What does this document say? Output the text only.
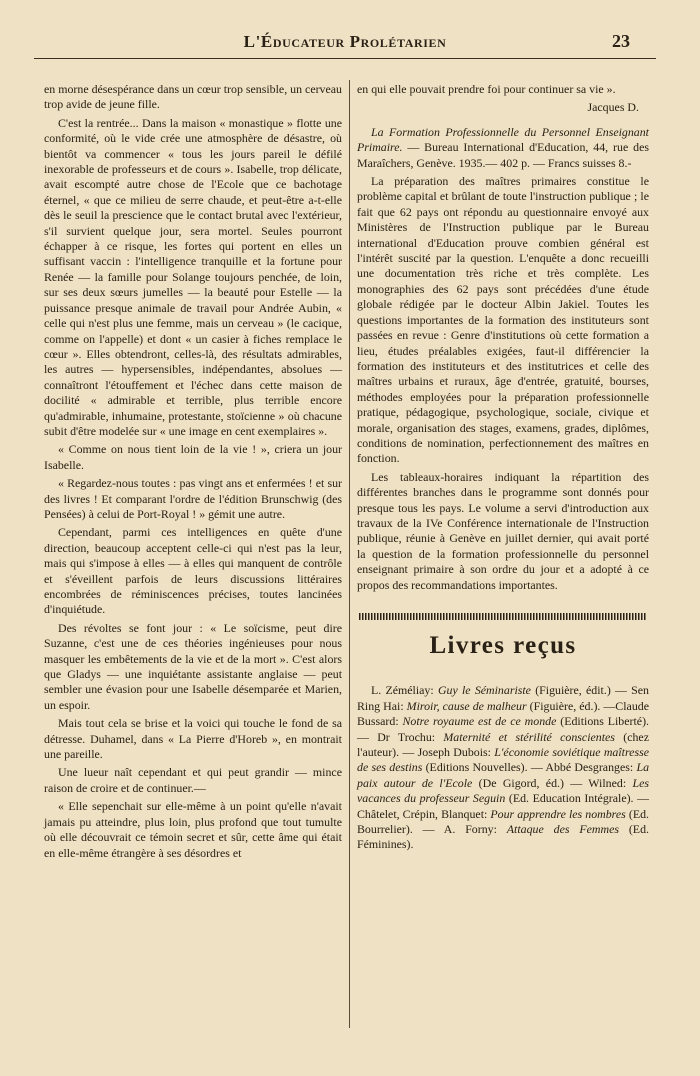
L'Éducateur Prolétarien	23

en morne désespérance dans un cœur trop sensible, un cerveau trop avide de jeune fille.

C'est la rentrée... Dans la maison « monastique » flotte une conformité, où le vide crée une atmosphère de désastre, où bientôt va commencer « tous les jours pareil le défilé inexorable de professeurs et de cours ». Isabelle, trop délicate, avait escompté autre chose de l'Ecole que ce bachotage éternel, « que ce milieu de serre chaude, et peut-être a-t-elle dès le seuil la prescience que le contact brutal avec l'extérieur, s'il survient quelque jour, sera mortel. Seules pourront échapper à ce risque, les fortes qui portent en elles un suffisant vaccin : l'intelligence tranquille et la fortune pour Renée — la famille pour Solange toujours penchée, de loin, sur ses deux sœurs jumelles — la beauté pour Estelle — la puissance presque animale de travail pour Andrée Aubin, « celle qui n'est plus une femme, mais un cerveau » (le cacique, comme on l'appelle) et dont « un casier à fiches remplace le cœur ». Elles obtendront, celles-là, des résultats admirables, les autres — hypersensibles, indépendantes, absolues — connaîtront l'étouffement et l'échec dans cette maison de docilité « admirable et terrible, plus terrible encore qu'admirable, inhumaine, protestante, stoïcienne » où chacune subit d'être modelée sur « une image en cent exemplaires ».

« Comme on nous tient loin de la vie ! », criera un jour Isabelle.

« Regardez-nous toutes : pas vingt ans et enfermées ! et sur des livres ! Et comparant l'ordre de l'édition Brunschwig (des Pensées) à celui de Port-Royal ! » gémit une autre.

Cependant, parmi ces intelligences en quête d'une direction, beaucoup acceptent celle-ci qui n'est pas la leur, mais qui s'impose à elles — à elles qui manquent de contrôle et s'éveillent parfois de leurs discussions littéraires encombrées de réminiscences précises, toutes lancinées d'inquiétude.

Des révoltes se font jour : « Le soïcisme, peut dire Suzanne, c'est une de ces théories ingénieuses pour nous masquer les embêtements de la vie et de la mort ». C'est alors que Gladys — une inquiétante assistante anglaise — peut sembler une évasion pour une Isabelle désemparée et Marien, un espoir.

Mais tout cela se brise et la voici qui touche le fond de sa détresse. Duhamel, dans « La Pierre d'Horeb », en montrait une pareille.

Une lueur naît cependant et qui peut grandir — mince raison de croire et de continuer.—

« Elle sepenchait sur elle-même à un point qu'elle n'avait jamais pu atteindre, plus loin, plus profond que tout tumulte où elle découvrait ce témoin secret et sûr, cette âme qui était en elle-même étrangère à ses désordres et

en qui elle pouvait prendre foi pour continuer sa vie ».

Jacques D.

La Formation Professionnelle du Personnel Enseignant Primaire. — Bureau International d'Education, 44, rue des Maraîchers, Genève. 1935.— 402 p. — Francs suisses 8.-

La préparation des maîtres primaires constitue le problème capital et brûlant de toute l'instruction publique ; le fait que 62 pays ont répondu au questionnaire envoyé aux Ministères de l'Instruction publique par le Bureau international d'Education prouve combien général est l'intérêt suscité par la question. L'enquête a donc recueilli une documentation très riche et très complète. Les monographies des 62 pays sont précédées d'une étude globale rédigée par le docteur Albin Jakiel. Toutes les questions importantes de la formation des instituteurs sont passées en revue : Genre d'institutions où cette formation a lieu, études préalables exigées, faut-il différencier la formation des instituteurs et des institutrices et celle des maîtres urbains et ruraux, âge d'entrée, gratuité, bourses, méthodes employées pour la préparation professionnelle pratique, pédagogique, psychologique, sociale, civique et morale, organisation des stages, examens, grades, diplômes, conditions de nomination, perfectionnement des maîtres en fonction.

Les tableaux-horaires indiquant la répartition des différentes branches dans le programme sont donnés pour presque tous les pays. Le volume a servi d'introduction aux travaux de la IVe Conférence internationale de l'Instruction publique, réunie à Genève en juillet dernier, qui avait porté la question de la formation professionnelle du personnel enseignant primaire à son ordre du jour et a adopté à ce propos des recommandations importantes.

Livres reçus

L. Zéméliay: Guy le Séminariste (Figuière, édit.) — Sen Ring Hai: Miroir, cause de malheur (Figuière, éd.). —Claude Bussard: Notre royaume est de ce monde (Editions Liberté). — Dr Trochu: Maternité et stérilité conscientes (chez l'auteur). — Joseph Dubois: L'économie soviétique maîtresse de ses destins (Editions Nouvelles). — Abbé Desgranges: La paix autour de l'Ecole (De Gigord, éd.) — Wilned: Les vacances du professeur Seguin (Ed. Education Intégrale). — Châtelet, Crépin, Blanquet: Pour apprendre les nombres (Ed. Bourrelier). — A. Forny: Attaque des Femmes (Ed. Féminines).
